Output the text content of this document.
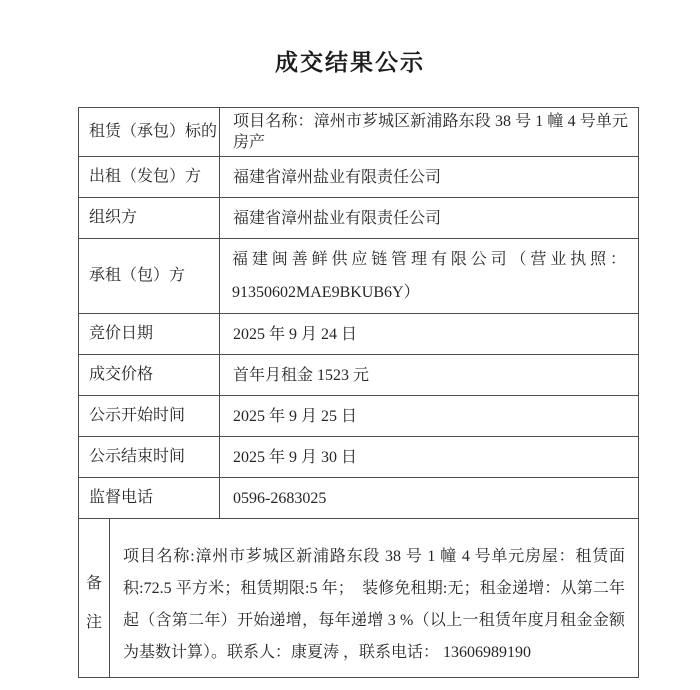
成交结果公示
租赁（承包）标的		项目名称：漳州市芗城区新浦路东段 38 号 1 幢 4 号单元房产
出租（发包）方		福建省漳州盐业有限责任公司
组织方		福建省漳州盐业有限责任公司
承租（包）方		福建闽善鲜供应链管理有限公司（营业执照：91350602MAE9BKUB6Y）
竞价日期		2025 年 9 月 24 日
成交价格		首年月租金 1523 元
公示开始时间		2025 年 9 月 25 日
公示结束时间		2025 年 9 月 30 日
监督电话		0596-2683025
备注	项目名称:漳州市芗城区新浦路东段 38 号 1 幢 4 号单元房屋：租赁面积:72.5 平方米；租赁期限:5 年；　装修免租期:无；租金递增：从第二年起（含第二年）开始递增，每年递增 3 %（以上一租赁年度月租金金额为基数计算）。联系人：康夏涛 ，联系电话： 13606989190	
